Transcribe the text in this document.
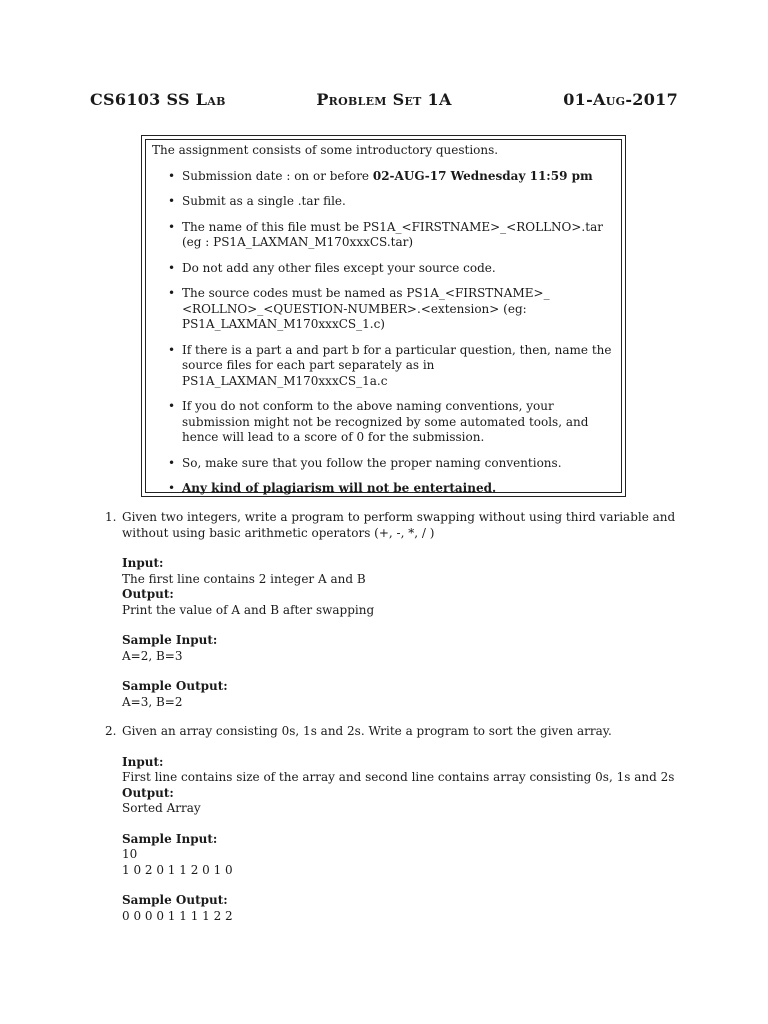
CS6103 SS Lab	Problem Set 1A	01-Aug-2017

The assignment consists of some introductory questions.

• Submission date : on or before 02-AUG-17 Wednesday 11:59 pm
• Submit as a single .tar file.
• The name of this file must be PS1A_<FIRSTNAME>_<ROLLNO>.tar (eg : PS1A_LAXMAN_M170xxxCS.tar)
• Do not add any other files except your source code.
• The source codes must be named as PS1A_<FIRSTNAME>_ <ROLLNO>_<QUESTION-NUMBER>.<extension> (eg: PS1A_LAXMAN_M170xxxCS_1.c)
• If there is a part a and part b for a particular question, then, name the source files for each part separately as in PS1A_LAXMAN_M170xxxCS_1a.c
• If you do not conform to the above naming conventions, your submission might not be recognized by some automated tools, and hence will lead to a score of 0 for the submission.
• So, make sure that you follow the proper naming conventions.
• Any kind of plagiarism will not be entertained.
1. Given two integers, write a program to perform swapping without using third variable and without using basic arithmetic operators (+, -, *, / )
Input:
The first line contains 2 integer A and B
Output:
Print the value of A and B after swapping
Sample Input:
A=2, B=3
Sample Output:
A=3, B=2
2. Given an array consisting 0s, 1s and 2s. Write a program to sort the given array.
Input:
First line contains size of the array and second line contains array consisting 0s, 1s and 2s
Output:
Sorted Array
Sample Input:
10
1 0 2 0 1 1 2 0 1 0
Sample Output:
0 0 0 0 1 1 1 1 2 2
